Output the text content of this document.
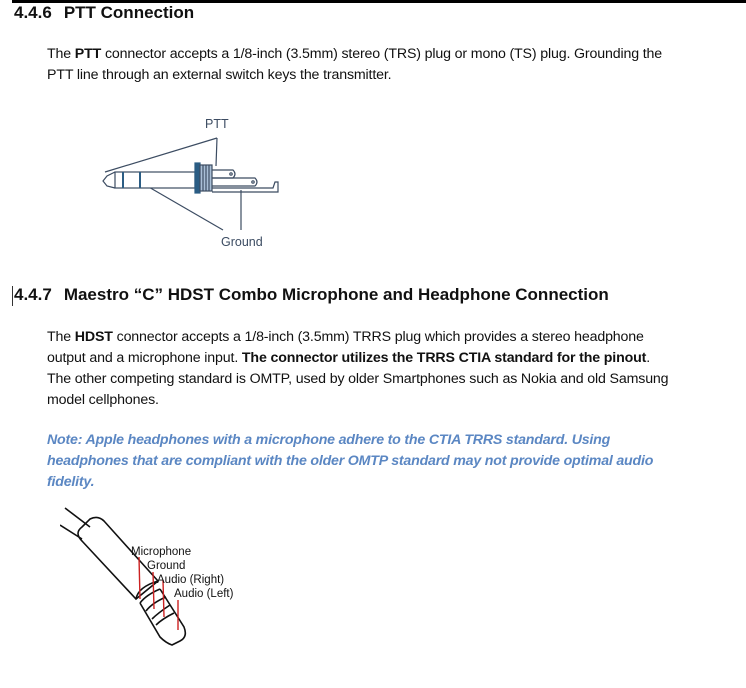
4.4.6 PTT Connection
The PTT connector accepts a 1/8-inch (3.5mm) stereo (TRS) plug or mono (TS) plug. Grounding the
PTT line through an external switch keys the transmitter.
PTT
Ground
4.4.7 Maestro “C” HDST Combo Microphone and Headphone Connection
The HDST connector accepts a 1/8-inch (3.5mm) TRRS plug which provides a stereo headphone
output and a microphone input. The connector utilizes the TRRS CTIA standard for the pinout.
The other competing standard is OMTP, used by older Smartphones such as Nokia and old Samsung
model cellphones.
Note: Apple headphones with a microphone adhere to the CTIA TRRS standard. Using
headphones that are compliant with the older OMTP standard may not provide optimal audio
fidelity.
Microphone
Ground
Audio (Right)
Audio (Left)
